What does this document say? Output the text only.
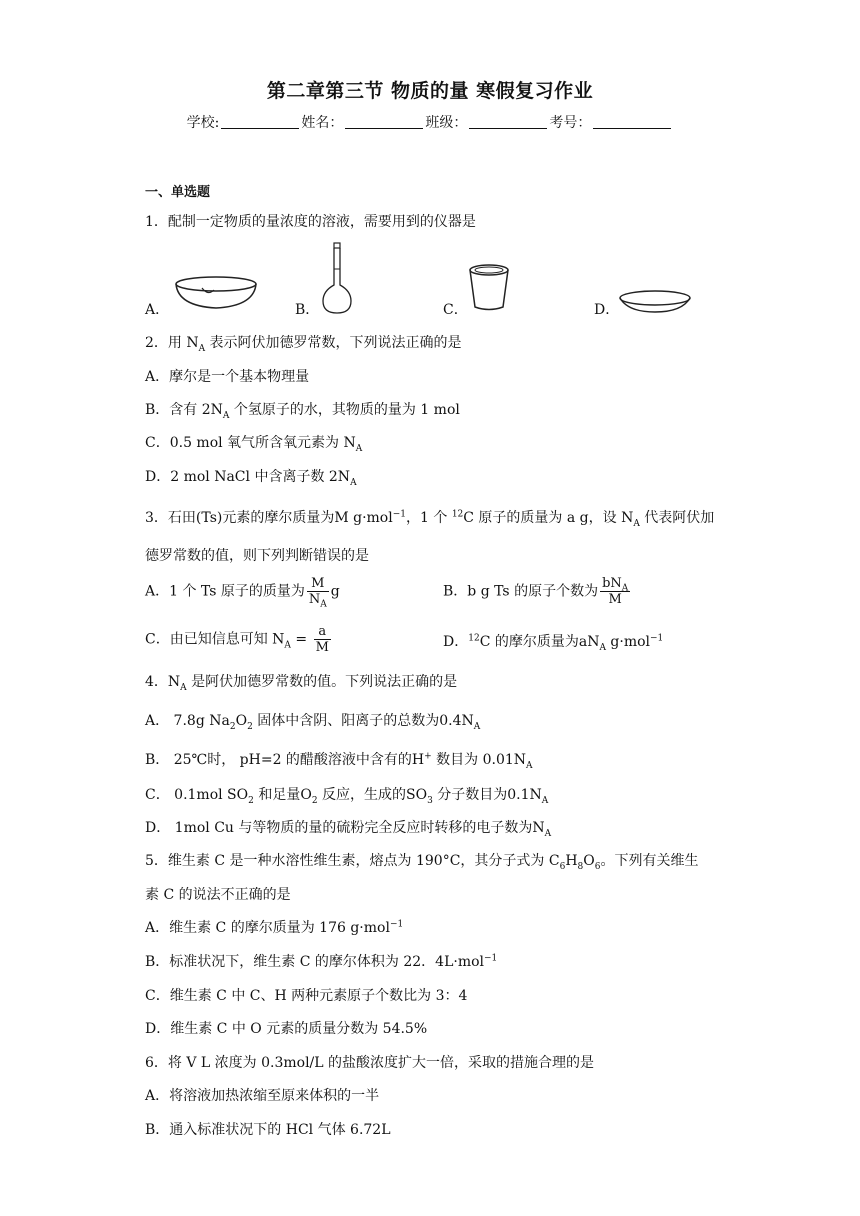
第二章第三节 物质的量 寒假复习作业
学校:	姓名：	班级：	考号：
一、单选题
1．配制一定物质的量浓度的溶液，需要用到的仪器是
A．	B．	C．	D．
2．用 $N_A$ 表示阿伏加德罗常数，下列说法正确的是
A．摩尔是一个基本物理量
B．含有 $2N_A$ 个氢原子的水，其物质的量为 1 mol
C．0.5 mol 氧气所含氧元素为 $N_A$
D．2 mol NaCl 中含离子数 $2N_A$
3．石田(Ts)元素的摩尔质量为M g·mol$^{-1}$，1 个 $^{12}$C 原子的质量为 a g，设 $N_A$ 代表阿伏加
德罗常数的值，则下列判断错误的是
A．1 个 Ts 原子的质量为 $\frac{M}{N_A}$ g	B．b g Ts 的原子个数为 $\frac{bN_A}{M}$
C．由已知信息可知 $N_A = \frac{a}{M}$	D．$^{12}$C 的摩尔质量为$aN_A$ g·mol$^{-1}$
4．$N_A$ 是阿伏加德罗常数的值。下列说法正确的是
A． 7.8g $Na_2O_2$ 固体中含阴、阳离子的总数为$0.4N_A$
B． 25℃时， pH=2 的醋酸溶液中含有的H+ 数目为 $0.01N_A$
C． 0.1mol $SO_2$ 和足量$O_2$ 反应，生成的$SO_3$ 分子数目为$0.1N_A$
D． 1mol Cu 与等物质的量的硫粉完全反应时转移的电子数为$N_A$
5．维生素 C 是一种水溶性维生素，熔点为 190°C，其分子式为 $C_6H_8O_6$。下列有关维生
素 C 的说法不正确的是
A．维生素 C 的摩尔质量为 176 g·mol$^{-1}$
B．标准状况下，维生素 C 的摩尔体积为 22．4L·mol$^{-1}$
C．维生素 C 中 C、H 两种元素原子个数比为 3：4
D．维生素 C 中 O 元素的质量分数为 54.5%
6．将 V L 浓度为 0.3mol/L 的盐酸浓度扩大一倍，采取的措施合理的是
A．将溶液加热浓缩至原来体积的一半
B．通入标准状况下的 HCl 气体 6.72L
